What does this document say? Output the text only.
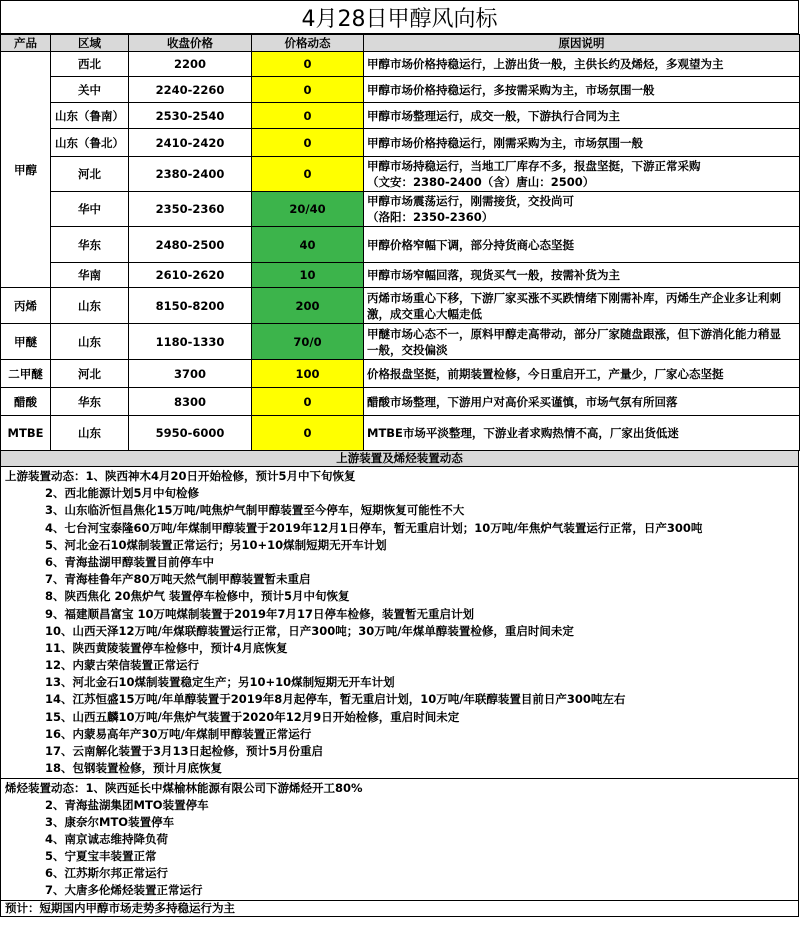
4月28日甲醇风向标
产品	区域	收盘价格	价格动态	原因说明
甲醇	西北	2200	0	甲醇市场价格持稳运行，上游出货一般，主供长约及烯烃，多观望为主

	关中	2240-2260	0	甲醇市场价格持稳运行，多按需采购为主，市场氛围一般

	山东（鲁南）	2530-2540	0	甲醇市场整理运行，成交一般，下游执行合同为主

	山东（鲁北）	2410-2420	0	甲醇市场价格持稳运行，刚需采购为主，市场氛围一般

	河北	2380-2400	0	甲醇市场持稳运行，当地工厂库存不多，报盘坚挺，下游正常采购
（文安：2380-2400（含）唐山：2500）

	华中	2350-2360	20/40	甲醇市场震荡运行，刚需接货，交投尚可
（洛阳：2350-2360）

	华东	2480-2500	40	甲醇价格窄幅下调，部分持货商心态坚挺

	华南	2610-2620	10	甲醇市场窄幅回落，现货买气一般，按需补货为主

丙烯	山东	8150-8200	200	丙烯市场重心下移，下游厂家买涨不买跌情绪下刚需补库，丙烯生产企业多让利刺
激，成交重心大幅走低

甲醚	山东	1180-1330	70/0	甲醚市场心态不一，原料甲醇走高带动，部分厂家随盘跟涨，但下游消化能力稍显
一般，交投偏淡

二甲醚	河北	3700	100	价格报盘坚挺，前期装置检修，今日重启开工，产量少，厂家心态坚挺

醋酸	华东	8300	0	醋酸市场整理，下游用户对高价采买谨慎，市场气氛有所回落

MTBE	山东	5950-6000	0	MTBE市场平淡整理，下游业者求购热情不高，厂家出货低迷
上游装置及烯烃装置动态
上游装置动态：1、陕西神木4月20日开始检修，预计5月中下旬恢复
2、西北能源计划5月中旬检修
3、山东临沂恒昌焦化15万吨/吨焦炉气制甲醇装置至今停车，短期恢复可能性不大
4、七台河宝泰隆60万吨/年煤制甲醇装置于2019年12月1日停车，暂无重启计划；10万吨/年焦炉气装置运行正常，日产300吨
5、河北金石10煤制装置正常运行；另10+10煤制短期无开车计划
6、青海盐湖甲醇装置目前停车中
7、青海桂鲁年产80万吨天然气制甲醇装置暂未重启
8、陕西焦化 20焦炉气 装置停车检修中，预计5月中旬恢复
9、福建顺昌富宝 10万吨煤制装置于2019年7月17日停车检修，装置暂无重启计划
10、山西天泽12万吨/年煤联醇装置运行正常，日产300吨；30万吨/年煤单醇装置检修，重启时间未定
11、陕西黄陵装置停车检修中，预计4月底恢复
12、内蒙古荣信装置正常运行
13、河北金石10煤制装置稳定生产；另10+10煤制短期无开车计划
14、江苏恒盛15万吨/年单醇装置于2019年8月起停车，暂无重启计划，10万吨/年联醇装置目前日产300吨左右
15、山西五麟10万吨/年焦炉气装置于2020年12月9日开始检修，重启时间未定
16、内蒙易高年产30万吨/年煤制甲醇装置正常运行
17、云南解化装置于3月13日起检修，预计5月份重启
18、包钢装置检修，预计月底恢复
烯烃装置动态：1、陕西延长中煤榆林能源有限公司下游烯烃开工80%
2、青海盐湖集团MTO装置停车
3、康奈尔MTO装置停车
4、南京诚志维持降负荷
5、宁夏宝丰装置正常
6、江苏斯尔邦正常运行
7、大唐多伦烯烃装置正常运行
预计：短期国内甲醇市场走势多持稳运行为主
